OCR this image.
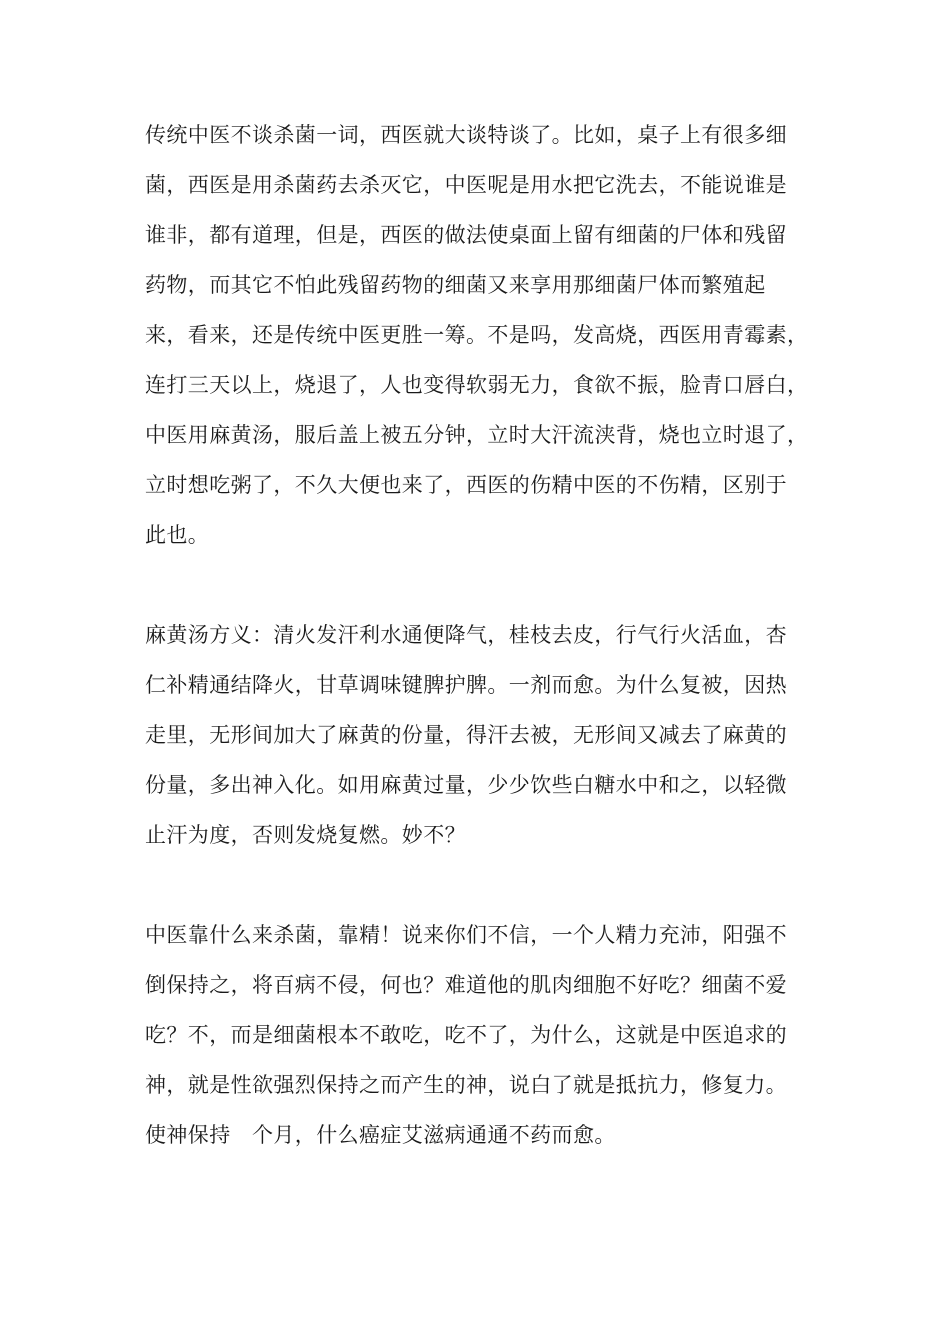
传统中医不谈杀菌一词，西医就大谈特谈了。比如，桌子上有很多细
菌，西医是用杀菌药去杀灭它，中医呢是用水把它洗去，不能说谁是
谁非，都有道理，但是，西医的做法使桌面上留有细菌的尸体和残留
药物，而其它不怕此残留药物的细菌又来享用那细菌尸体而繁殖起
来，看来，还是传统中医更胜一筹。不是吗，发高烧，西医用青霉素，
连打三天以上，烧退了，人也变得软弱无力，食欲不振，脸青口唇白，
中医用麻黄汤，服后盖上被五分钟，立时大汗流浃背，烧也立时退了，
立时想吃粥了，不久大便也来了，西医的伤精中医的不伤精，区别于
此也。
麻黄汤方义：清火发汗利水通便降气，桂枝去皮，行气行火活血，杏
仁补精通结降火，甘草调味键脾护脾。一剂而愈。为什么复被，因热
走里，无形间加大了麻黄的份量，得汗去被，无形间又减去了麻黄的
份量，多出神入化。如用麻黄过量，少少饮些白糖水中和之，以轻微
止汗为度，否则发烧复燃。妙不？
中医靠什么来杀菌，靠精！说来你们不信，一个人精力充沛，阳强不
倒保持之，将百病不侵，何也？难道他的肌肉细胞不好吃？细菌不爱
吃？不，而是细菌根本不敢吃，吃不了，为什么，这就是中医追求的
神，就是性欲强烈保持之而产生的神，说白了就是抵抗力，修复力。
使神保持　个月，什么癌症艾滋病通通不药而愈。
